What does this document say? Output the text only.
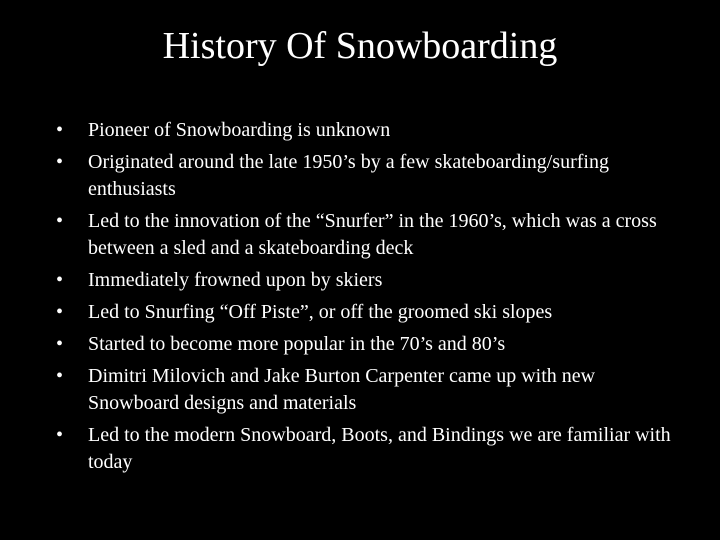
History Of Snowboarding
•	Pioneer of Snowboarding is unknown
•	Originated around the late 1950’s by a few skateboarding/surfing enthusiasts
•	Led to the innovation of the “Snurfer” in the 1960’s, which was a cross between a sled and a skateboarding deck
•	Immediately frowned upon by skiers
•	Led to Snurfing “Off Piste”, or off the groomed ski slopes
•	Started to become more popular in the 70’s and 80’s
•	Dimitri Milovich and Jake Burton Carpenter came up with new Snowboard designs and materials
•	Led to the modern Snowboard, Boots, and Bindings we are familiar with today
